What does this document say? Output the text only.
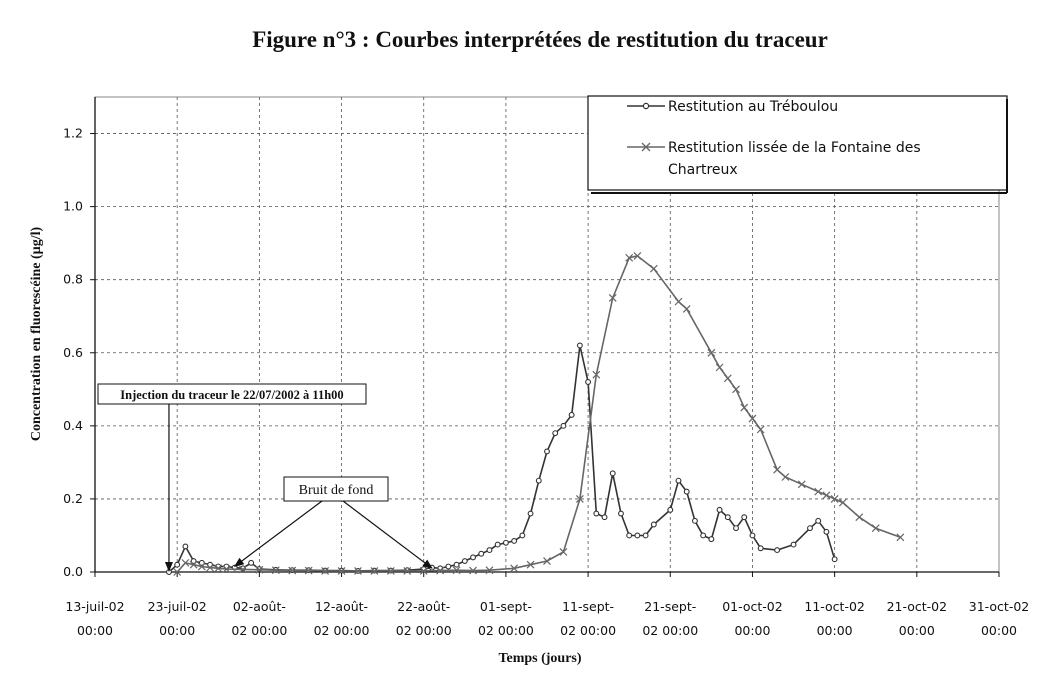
Figure n°3 : Courbes interprétées de restitution du traceur
0.0
0.2
0.4
0.6
0.8
1.0
1.2
13-juil-02 00:00
23-juil-02 00:00
02-août-02 00:00
12-août-02 00:00
22-août-02 00:00
01-sept-02 00:00
11-sept-02 00:00
21-sept-02 00:00
01-oct-02 00:00
11-oct-02 00:00
21-oct-02 00:00
31-oct-02 00:00
Temps (jours)
Concentration en fluorescéine (µg/l)	Injection du traceur le 22/07/2002 à 11h00
Bruit de fond
Restitution au Tréboulou
Restitution lissée de la Fontaine des Chartreux
